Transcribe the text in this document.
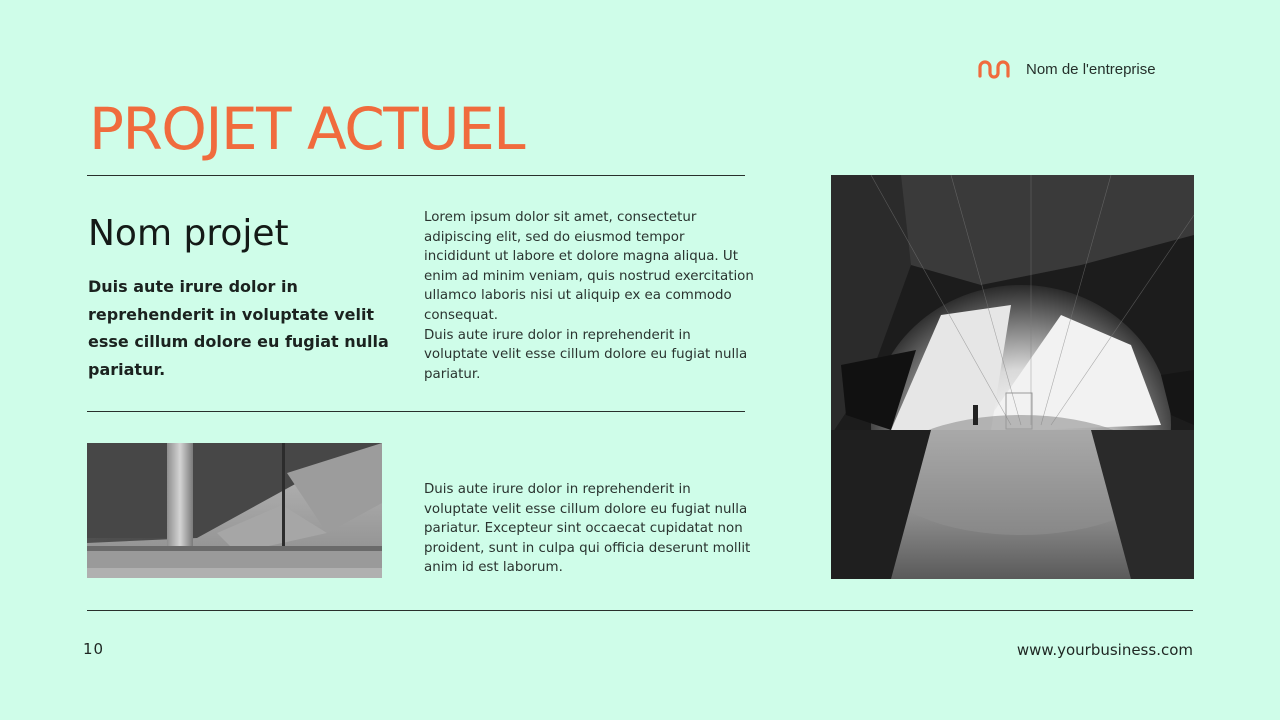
Nom de l'entreprise
PROJET ACTUEL
Nom projet
Duis aute irure dolor in reprehenderit in voluptate velit esse cillum dolore eu fugiat nulla pariatur.
Lorem ipsum dolor sit amet, consectetur adipiscing elit, sed do eiusmod tempor incididunt ut labore et dolore magna aliqua. Ut enim ad minim veniam, quis nostrud exercitation ullamco laboris nisi ut aliquip ex ea commodo consequat.
Duis aute irure dolor in reprehenderit in voluptate velit esse cillum dolore eu fugiat nulla pariatur.
Duis aute irure dolor in reprehenderit in voluptate velit esse cillum dolore eu fugiat nulla pariatur. Excepteur sint occaecat cupidatat non proident, sunt in culpa qui officia deserunt mollit anim id est laborum.
10	www.yourbusiness.com
